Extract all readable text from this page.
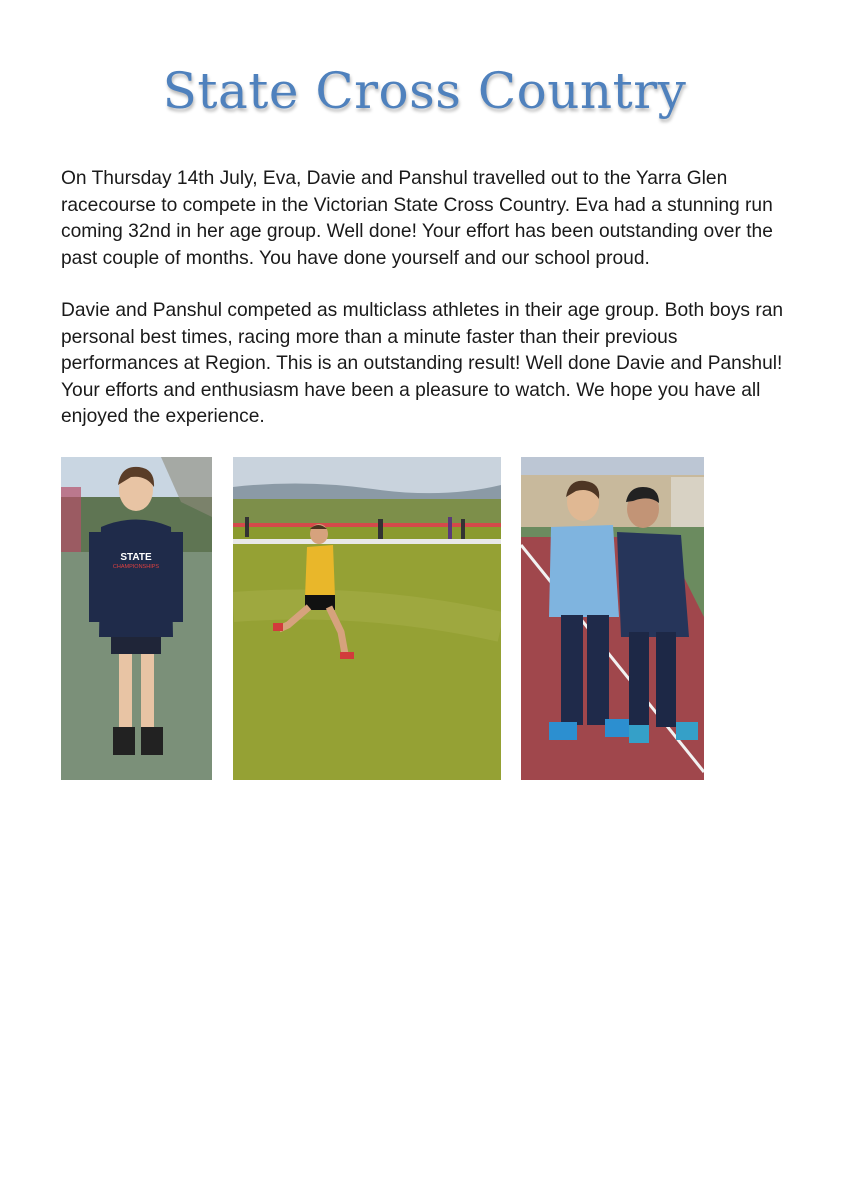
State Cross Country

On Thursday 14th July, Eva, Davie and Panshul travelled out to the Yarra Glen racecourse to compete in the Victorian State Cross Country. Eva had a stunning run coming 32nd in her age group. Well done! Your effort has been outstanding over the past couple of months. You have done yourself and our school proud.

Davie and Panshul competed as multiclass athletes in their age group. Both boys ran personal best times, racing more than a minute faster than their previous performances at Region. This is an outstanding result! Well done Davie and Panshul! Your efforts and enthusiasm have been a pleasure to watch. We hope you have all enjoyed the experience.

STATE
CHAMPIONSHIPS
